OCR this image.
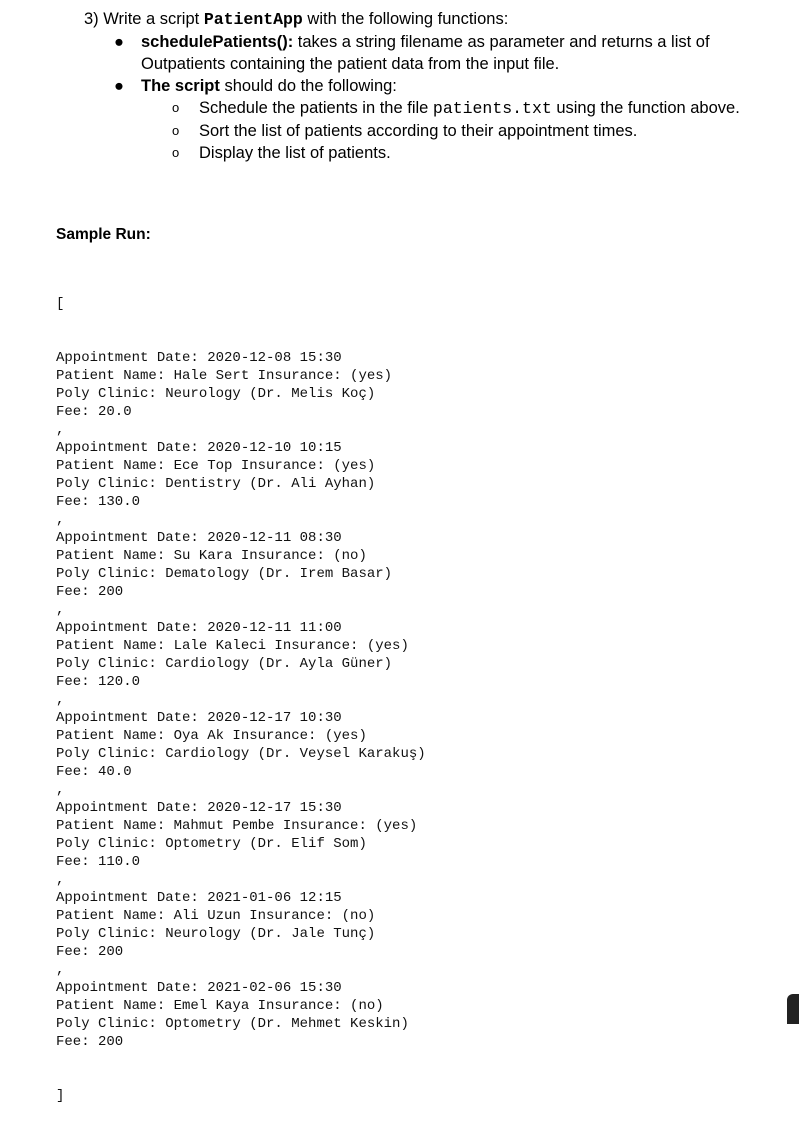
3) Write a script PatientApp with the following functions:
● schedulePatients(): takes a string filename as parameter and returns a list of
Outpatients containing the patient data from the input file.
● The script should do the following:
o Schedule the patients in the file patients.txt using the function above.
o Sort the list of patients according to their appointment times.
o Display the list of patients.
Sample Run:

[

Appointment Date: 2020-12-08 15:30
Patient Name: Hale Sert Insurance: (yes)
Poly Clinic: Neurology (Dr. Melis Koç)
Fee: 20.0
,
Appointment Date: 2020-12-10 10:15
Patient Name: Ece Top Insurance: (yes)
Poly Clinic: Dentistry (Dr. Ali Ayhan)
Fee: 130.0
,
Appointment Date: 2020-12-11 08:30
Patient Name: Su Kara Insurance: (no)
Poly Clinic: Dematology (Dr. Irem Basar)
Fee: 200
,
Appointment Date: 2020-12-11 11:00
Patient Name: Lale Kaleci Insurance: (yes)
Poly Clinic: Cardiology (Dr. Ayla Güner)
Fee: 120.0
,
Appointment Date: 2020-12-17 10:30
Patient Name: Oya Ak Insurance: (yes)
Poly Clinic: Cardiology (Dr. Veysel Karakuş)
Fee: 40.0
,
Appointment Date: 2020-12-17 15:30
Patient Name: Mahmut Pembe Insurance: (yes)
Poly Clinic: Optometry (Dr. Elif Som)
Fee: 110.0
,
Appointment Date: 2021-01-06 12:15
Patient Name: Ali Uzun Insurance: (no)
Poly Clinic: Neurology (Dr. Jale Tunç)
Fee: 200
,
Appointment Date: 2021-02-06 15:30
Patient Name: Emel Kaya Insurance: (no)
Poly Clinic: Optometry (Dr. Mehmet Keskin)
Fee: 200

]
